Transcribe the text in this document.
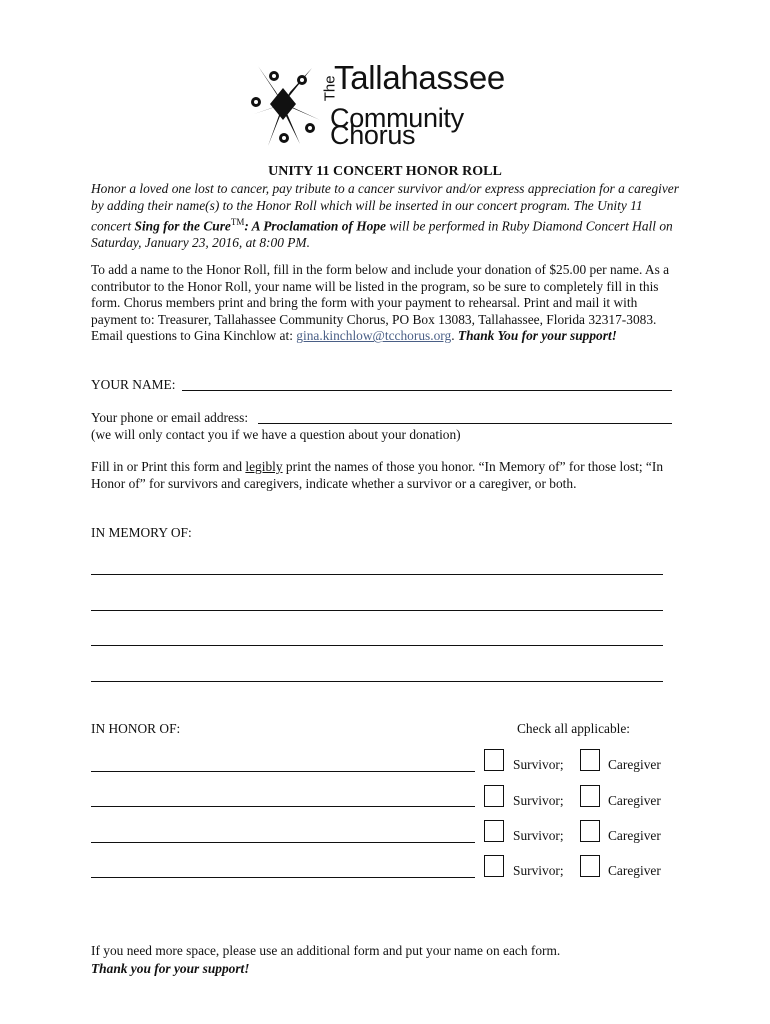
The
Tallahassee
Community Chorus
UNITY 11 CONCERT HONOR ROLL
Honor a loved one lost to cancer, pay tribute to a cancer survivor and/or express appreciation for a caregiver by adding their name(s) to the Honor Roll which will be inserted in our concert program. The Unity 11 concert Sing for the Cure™: A Proclamation of Hope will be performed in Ruby Diamond Concert Hall on Saturday, January 23, 2016, at 8:00 PM.
To add a name to the Honor Roll, fill in the form below and include your donation of $25.00 per name. As a contributor to the Honor Roll, your name will be listed in the program, so be sure to completely fill in this form. Chorus members print and bring the form with your payment to rehearsal. Print and mail it with payment to: Treasurer, Tallahassee Community Chorus, PO Box 13083, Tallahassee, Florida 32317-3083. Email questions to Gina Kinchlow at: gina.kinchlow@tcchorus.org. Thank You for your support!
YOUR NAME:
Your phone or email address:
(we will only contact you if we have a question about your donation)
Fill in or Print this form and legibly print the names of those you honor. “In Memory of” for those lost; “In Honor of” for survivors and caregivers, indicate whether a survivor or a caregiver, or both.
IN MEMORY OF:
IN HONOR OF:	Check all applicable:
Survivor;	Caregiver
Survivor;	Caregiver
Survivor;	Caregiver
Survivor;	Caregiver
If you need more space, please use an additional form and put your name on each form.
Thank you for your support!
